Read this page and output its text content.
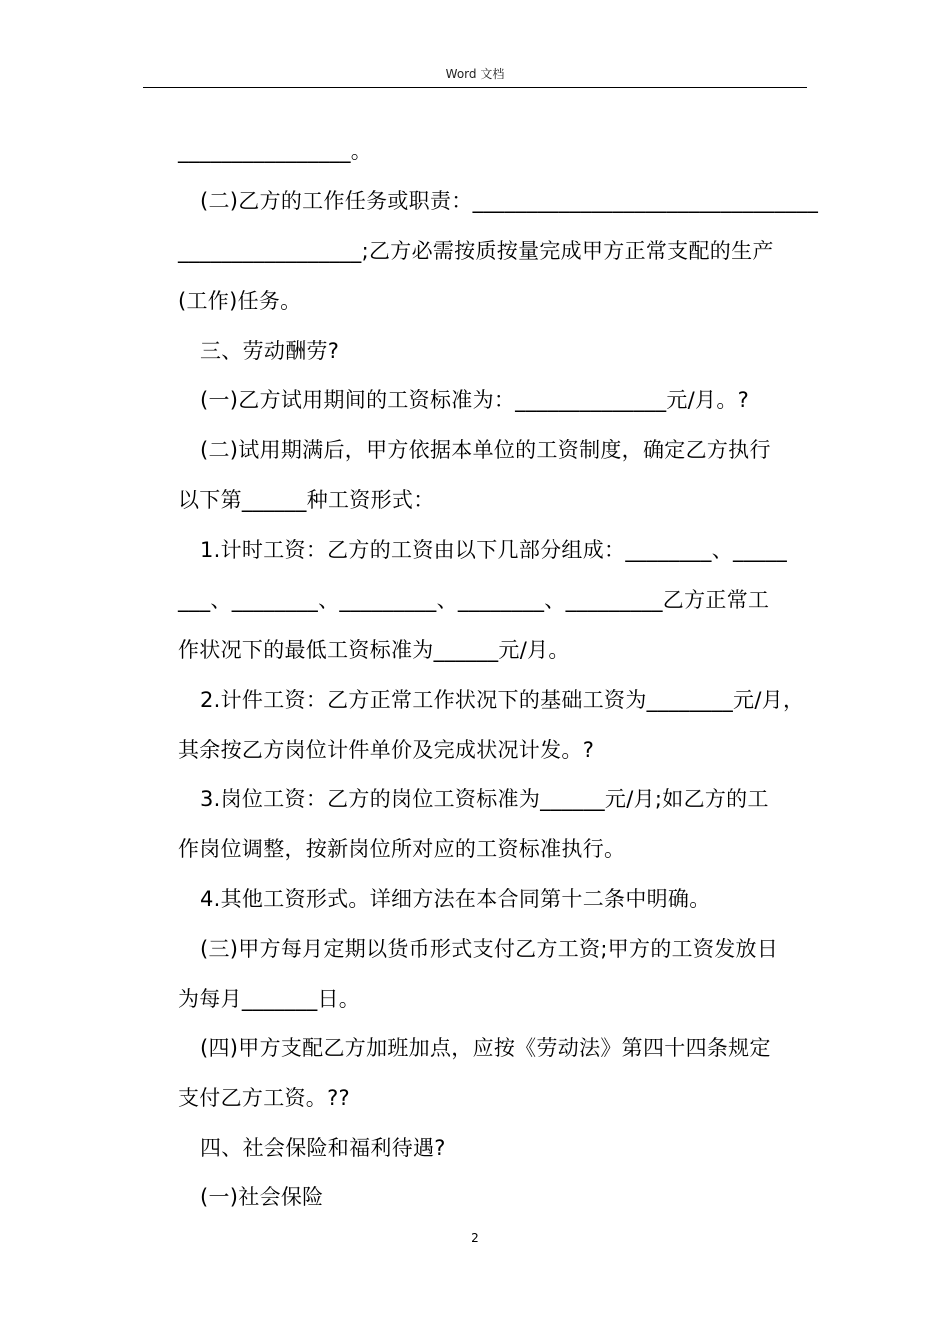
Word 文档
________________。
(二)乙方的工作任务或职责：________________________________
_________________;乙方必需按质按量完成甲方正常支配的生产
(工作)任务。
三、劳动酬劳?
(一)乙方试用期间的工资标准为：______________元/月。?
(二)试用期满后，甲方依据本单位的工资制度，确定乙方执行
以下第______种工资形式：
1.计时工资：乙方的工资由以下几部分组成：________、_____
___、________、_________、________、_________乙方正常工
作状况下的最低工资标准为______元/月。
2.计件工资：乙方正常工作状况下的基础工资为________元/月，
其余按乙方岗位计件单价及完成状况计发。?
3.岗位工资：乙方的岗位工资标准为______元/月;如乙方的工
作岗位调整，按新岗位所对应的工资标准执行。
4.其他工资形式。详细方法在本合同第十二条中明确。
(三)甲方每月定期以货币形式支付乙方工资;甲方的工资发放日
为每月_______日。
(四)甲方支配乙方加班加点，应按《劳动法》第四十四条规定
支付乙方工资。??
四、社会保险和福利待遇?
(一)社会保险
2
